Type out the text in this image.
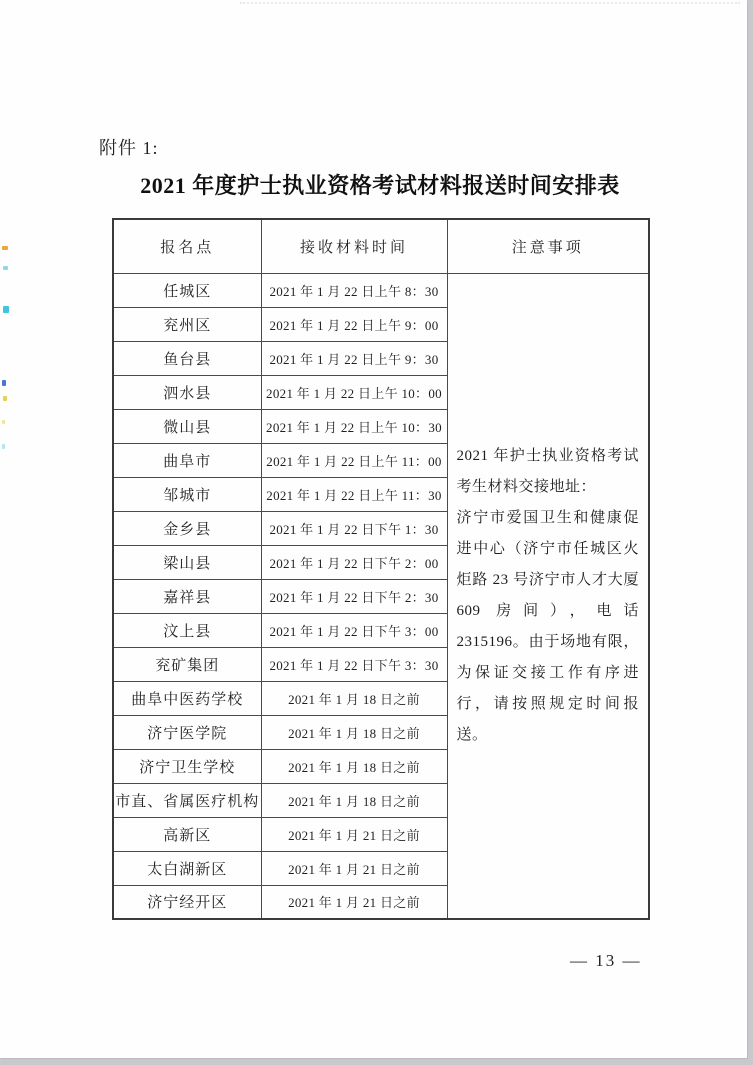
附件 1:
2021 年度护士执业资格考试材料报送时间安排表
报名点	接收材料时间	注意事项
任城区	2021 年 1 月 22 日上午 8：30	2021 年护士执业资格考试考生材料交接地址：

济宁市爱国卫生和健康促进中心（济宁市任城区火炬路 23 号济宁市人才大厦 609 房间），电话 2315196。由于场地有限，为保证交接工作有序进行，请按照规定时间报送。

兖州区	2021 年 1 月 22 日上午 9：00	
鱼台县	2021 年 1 月 22 日上午 9：30	
泗水县	2021 年 1 月 22 日上午 10：00	
微山县	2021 年 1 月 22 日上午 10：30	
曲阜市	2021 年 1 月 22 日上午 11：00	
邹城市	2021 年 1 月 22 日上午 11：30	
金乡县	2021 年 1 月 22 日下午 1：30	
梁山县	2021 年 1 月 22 日下午 2：00	
嘉祥县	2021 年 1 月 22 日下午 2：30	
汶上县	2021 年 1 月 22 日下午 3：00	
兖矿集团	2021 年 1 月 22 日下午 3：30	
曲阜中医药学校	2021 年 1 月 18 日之前	
济宁医学院	2021 年 1 月 18 日之前	
济宁卫生学校	2021 年 1 月 18 日之前	
市直、省属医疗机构	2021 年 1 月 18 日之前	
高新区	2021 年 1 月 21 日之前	
太白湖新区	2021 年 1 月 21 日之前	
济宁经开区	2021 年 1 月 21 日之前	
— 13 —
